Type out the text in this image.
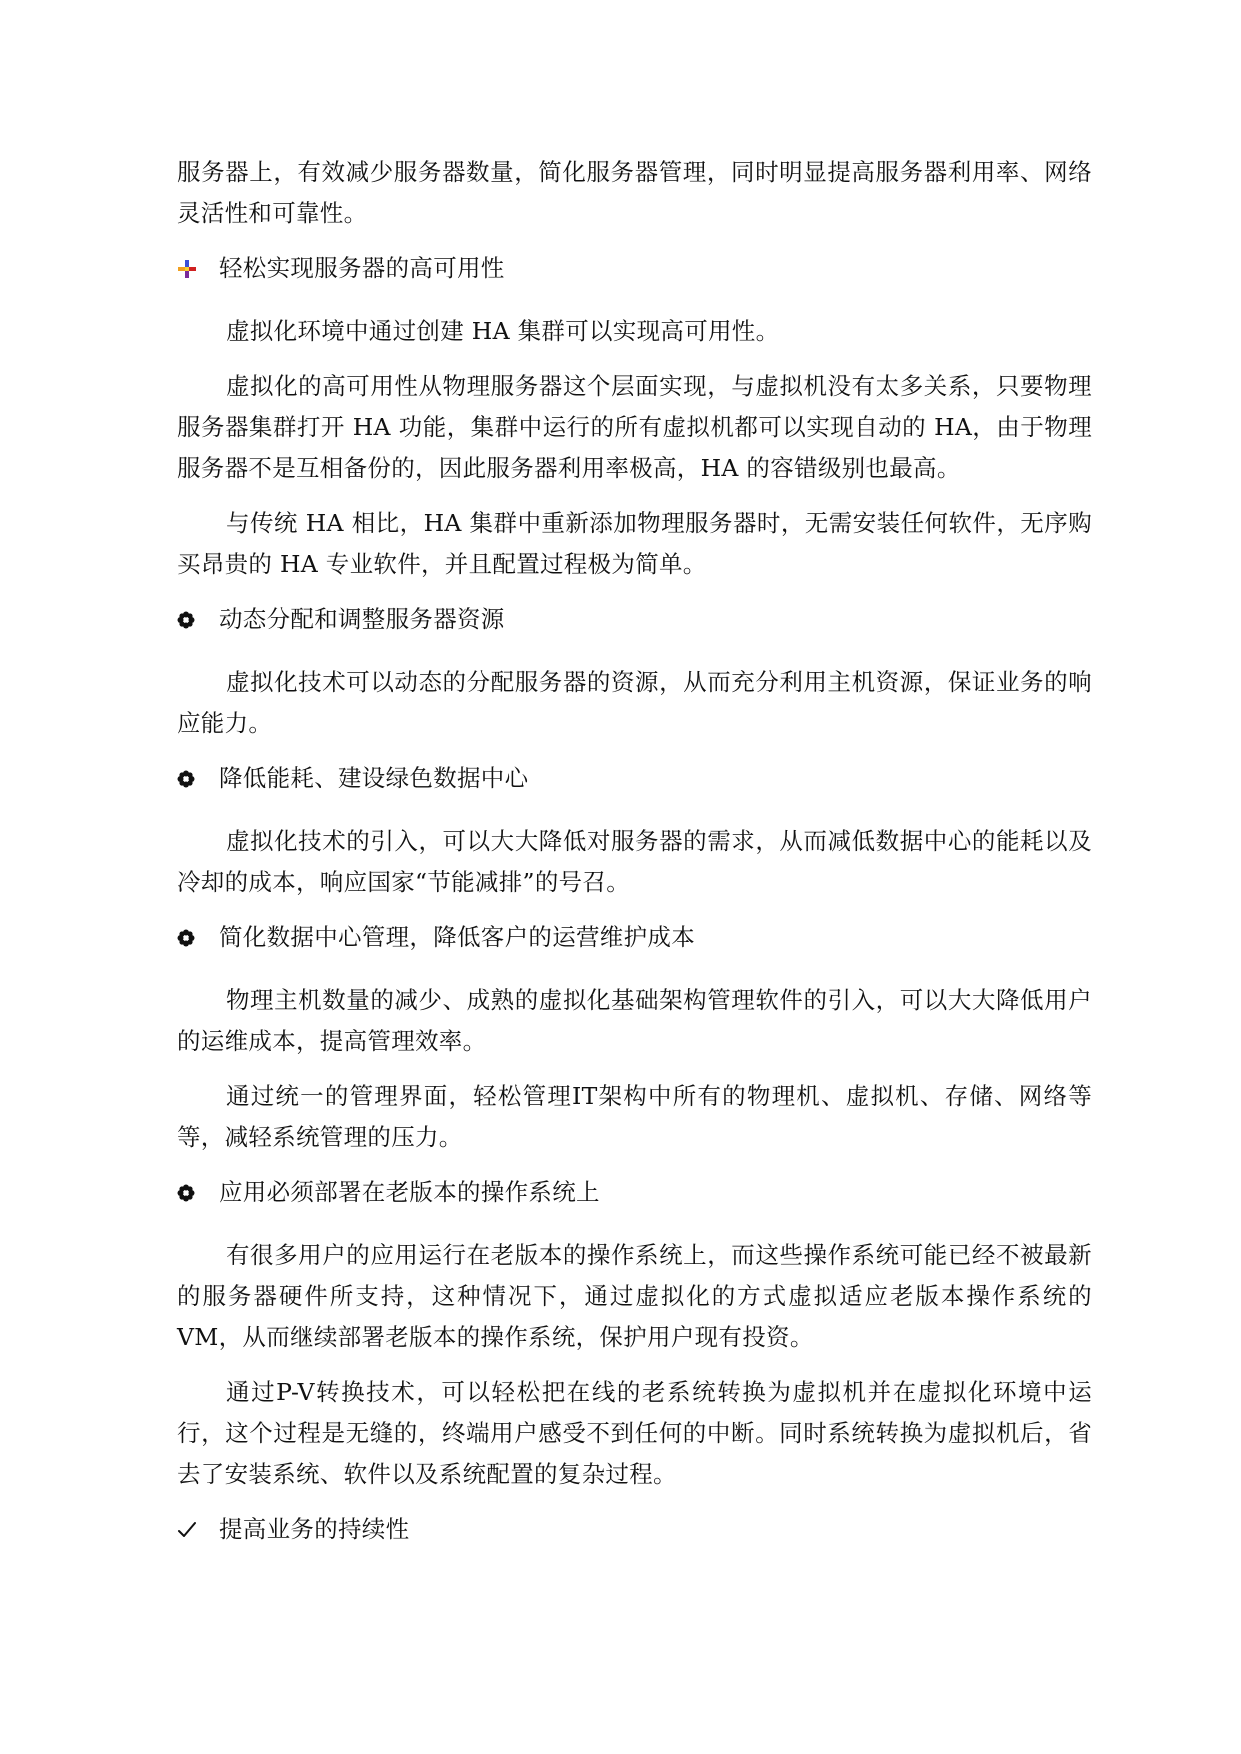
服务器上，有效减少服务器数量，简化服务器管理，同时明显提高服务器利用率、网络灵活性和可靠性。

轻松实现服务器的高可用性

虚拟化环境中通过创建 HA 集群可以实现高可用性。

虚拟化的高可用性从物理服务器这个层面实现，与虚拟机没有太多关系，只要物理服务器集群打开 HA 功能，集群中运行的所有虚拟机都可以实现自动的 HA，由于物理服务器不是互相备份的，因此服务器利用率极高，HA 的容错级别也最高。

与传统 HA 相比，HA 集群中重新添加物理服务器时，无需安装任何软件，无序购买昂贵的 HA 专业软件，并且配置过程极为简单。

动态分配和调整服务器资源

虚拟化技术可以动态的分配服务器的资源，从而充分利用主机资源，保证业务的响应能力。

降低能耗、建设绿色数据中心

虚拟化技术的引入，可以大大降低对服务器的需求，从而减低数据中心的能耗以及冷却的成本，响应国家“节能减排”的号召。

简化数据中心管理，降低客户的运营维护成本

物理主机数量的减少、成熟的虚拟化基础架构管理软件的引入，可以大大降低用户的运维成本，提高管理效率。

通过统一的管理界面，轻松管理IT架构中所有的物理机、虚拟机、存储、网络等等，减轻系统管理的压力。

应用必须部署在老版本的操作系统上

有很多用户的应用运行在老版本的操作系统上，而这些操作系统可能已经不被最新的服务器硬件所支持，这种情况下，通过虚拟化的方式虚拟适应老版本操作系统的VM，从而继续部署老版本的操作系统，保护用户现有投资。

通过P-V转换技术，可以轻松把在线的老系统转换为虚拟机并在虚拟化环境中运行，这个过程是无缝的，终端用户感受不到任何的中断。同时系统转换为虚拟机后，省去了安装系统、软件以及系统配置的复杂过程。

提高业务的持续性
